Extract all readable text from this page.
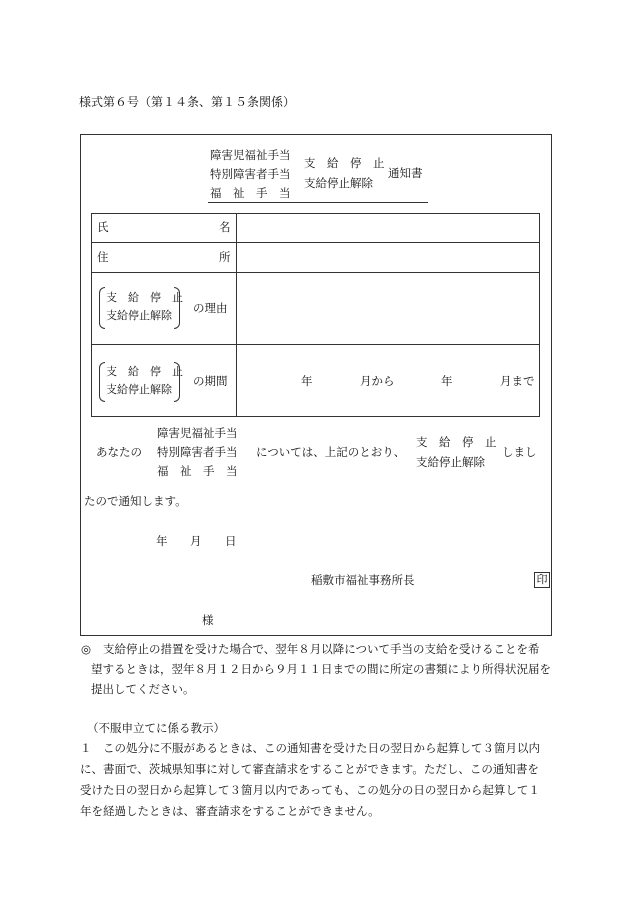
様式第６号（第１４条、第１５条関係）
障害児福祉手当
特別障害者手当
福　祉　手　当
支　給　停　止
支給停止解除
通知書
氏	名
住	所
支　給　停　止
支給停止解除
の理由
支　給　停　止
支給停止解除
の期間	年	月から	年	月まで
あなたの
障害児福祉手当
特別障害者手当
福　祉　手　当
については、上記のとおり、
支　給　停　止
支給停止解除
しまし
たので通知します。
年 月 日
稲敷市福祉事務所長	印
様
◎ 支給停止の措置を受けた場合で、翌年８月以降について手当の支給を受けることを希
望するときは，翌年８月１２日から９月１１日までの間に所定の書類により所得状況届を
提出してください。
（不服申立てに係る教示）
１ この処分に不服があるときは、この通知書を受けた日の翌日から起算して３箇月以内
に、書面で、茨城県知事に対して審査請求をすることができます。ただし、この通知書を
受けた日の翌日から起算して３箇月以内であっても、この処分の日の翌日から起算して１
年を経過したときは、審査請求をすることができません。
